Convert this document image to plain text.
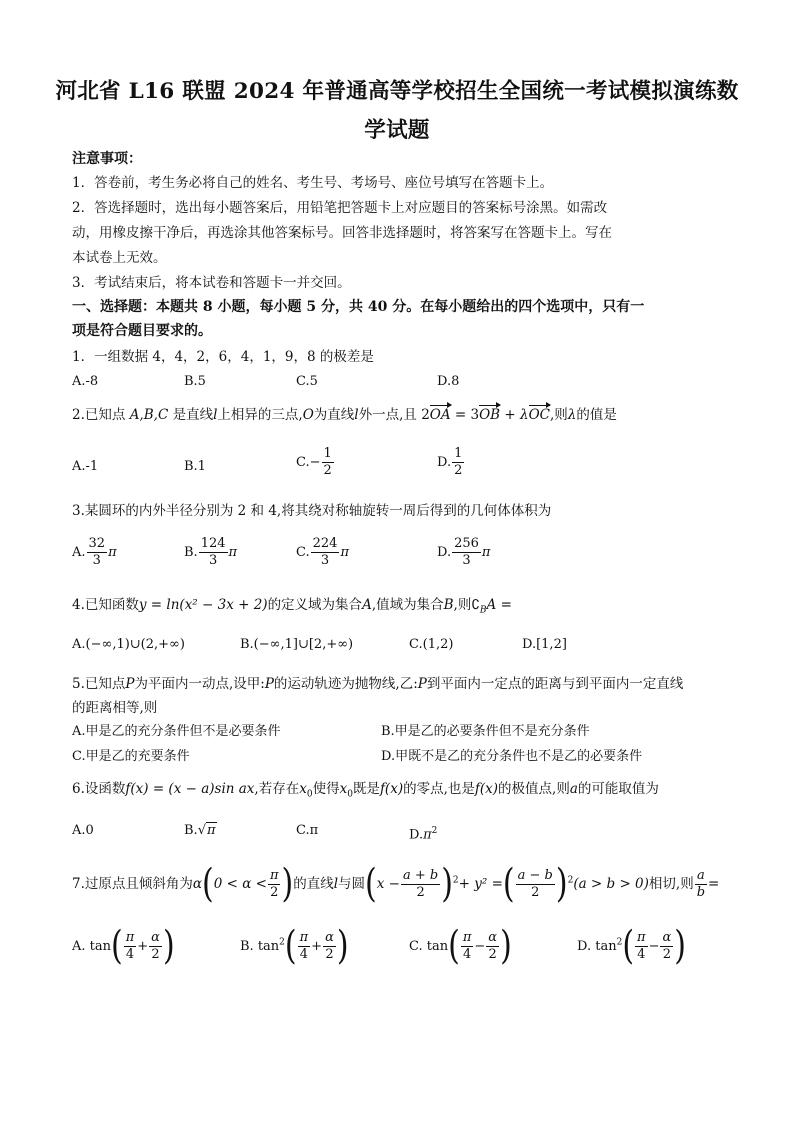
河北省 L16 联盟 2024 年普通高等学校招生全国统一考试模拟演练数
学试题
注意事项：
1．答卷前，考生务必将自己的姓名、考生号、考场号、座位号填写在答题卡上。
2．答选择题时，选出每小题答案后，用铅笔把答题卡上对应题目的答案标号涂黑。如需改
动，用橡皮擦干净后，再选涂其他答案标号。回答非选择题时，将答案写在答题卡上。写在
本试卷上无效。
3．考试结束后，将本试卷和答题卡一并交回。
一、选择题：本题共 8 小题，每小题 5 分，共 40 分。在每小题给出的四个选项中，只有一
项是符合题目要求的。
1．一组数据 4，4，2，6，4，1，9，8 的极差是
A.-8	B.5	C.5	D.8
2.已知点 A,B,C 是直线l上相异的三点,O为直线l外一点,且 2OA = 3OB + λOC,则λ的值是
A.-1	B.1	$C.- \frac{1}{2}$	D. $\frac{1}{2}$
3.某圆环的内外半径分别为 2 和 4,将其绕对称轴旋转一周后得到的几何体体积为
A. $\frac{32}{3}$ π	B. $\frac{124}{3}$ π	C. $\frac{224}{3}$ π	D. $\frac{256}{3}$ π
4.已知函数y = ln(x² − 3x + 2)的定义域为集合A,值域为集合B,则$∁_BA$ =
A.(−∞,1)∪(2,+∞)	B.(−∞,1]∪[2,+∞)	C.(1,2)	D.[1,2]
5.已知点P为平面内一动点,设甲:P的运动轨迹为抛物线,乙:P到平面内一定点的距离与到平面内一定直线
的距离相等,则
A.甲是乙的充分条件但不是必要条件	B.甲是乙的必要条件但不是充分条件
C.甲是乙的充要条件	D.甲既不是乙的充分条件也不是乙的必要条件
6.设函数f(x) = (x − a)sin ax,若存在$x_0$使得$x_0$既是f(x)的零点,也是f(x)的极值点,则a的可能取值为
A.0	B.√π	C.π	$D.\pi^2$
7.过原点且倾斜角为$\alpha(0 < \alpha < \frac{\pi}{2}$ )的直线l与圆$(x - \frac{a + b}{2} )^2+ y^2$ =( $\frac{a - b}{2} )^2(a > b > 0)$相切,则 $\frac{a}{b}$ =
A. $\tan( \frac{\pi}{4} + \frac{\alpha}{2}$ )	B. $\tan^2( \frac{\pi}{4} + \frac{\alpha}{2}$ )	C. $\tan( \frac{\pi}{4} - \frac{\alpha}{2}$ )	D. $\tan^2( \frac{\pi}{4} - \frac{\alpha}{2}$ )
